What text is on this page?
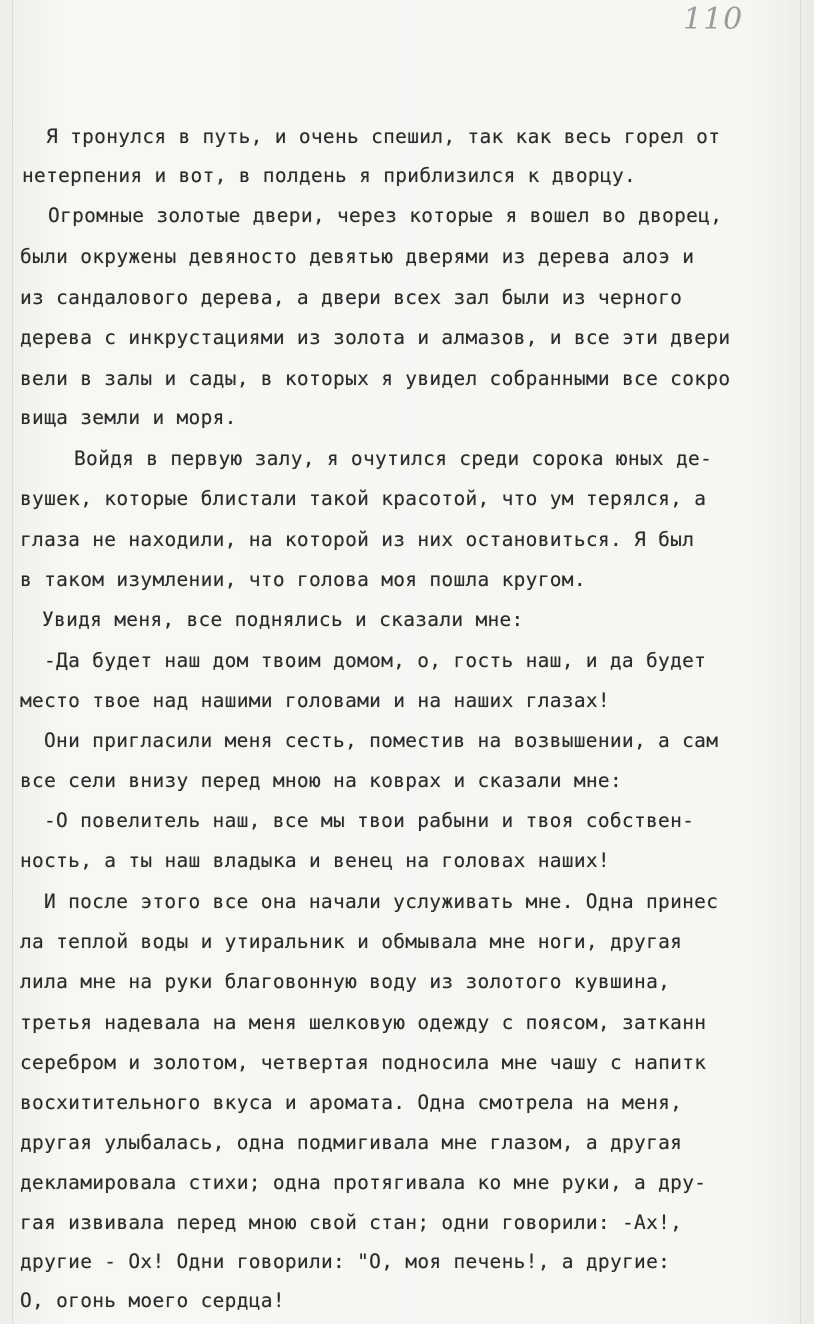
110
Я тронулся в путь, и очень спешил, так как весь горел от
нетерпения и вот, в полдень я приблизился к дворцу.
Огромные золотые двери, через которые я вошел во дворец,
были окружены девяносто девятью дверями из дерева алоэ и
из сандалового дерева, а двери всех зал были из черного
дерева с инкрустациями из золота и алмазов, и все эти двери
вели в залы и сады, в которых я увидел собранными все сокро
вища земли и моря.
Войдя в первую залу, я очутился среди сорока юных де-
вушек, которые блистали такой красотой, что ум терялся, а
глаза не находили, на которой из них остановиться. Я был
в таком изумлении, что голова моя пошла кругом.
Увидя меня, все поднялись и сказали мне:
-Да будет наш дом твоим домом, о, гость наш, и да будет
место твое над нашими головами и на наших глазах!
Они пригласили меня сесть, поместив на возвышении, а сам
все сели внизу перед мною на коврах и сказали мне:
-О повелитель наш, все мы твои рабыни и твоя собствен-
ность, а ты наш владыка и венец на головах наших!
И после этого все она начали услуживать мне. Одна принес
ла теплой воды и утиральник и обмывала мне ноги, другая
лила мне на руки благовонную воду из золотого кувшина,
третья надевала на меня шелковую одежду с поясом, затканн
серебром и золотом, четвертая подносила мне чашу с напитк
восхитительного вкуса и аромата. Одна смотрела на меня,
другая улыбалась, одна подмигивала мне глазом, а другая
декламировала стихи; одна протягивала ко мне руки, а дру-
гая извивала перед мною свой стан; одни говорили: -Ах!,
другие - Ох! Одни говорили: "О, моя печень!, а другие:
О, огонь моего сердца!
